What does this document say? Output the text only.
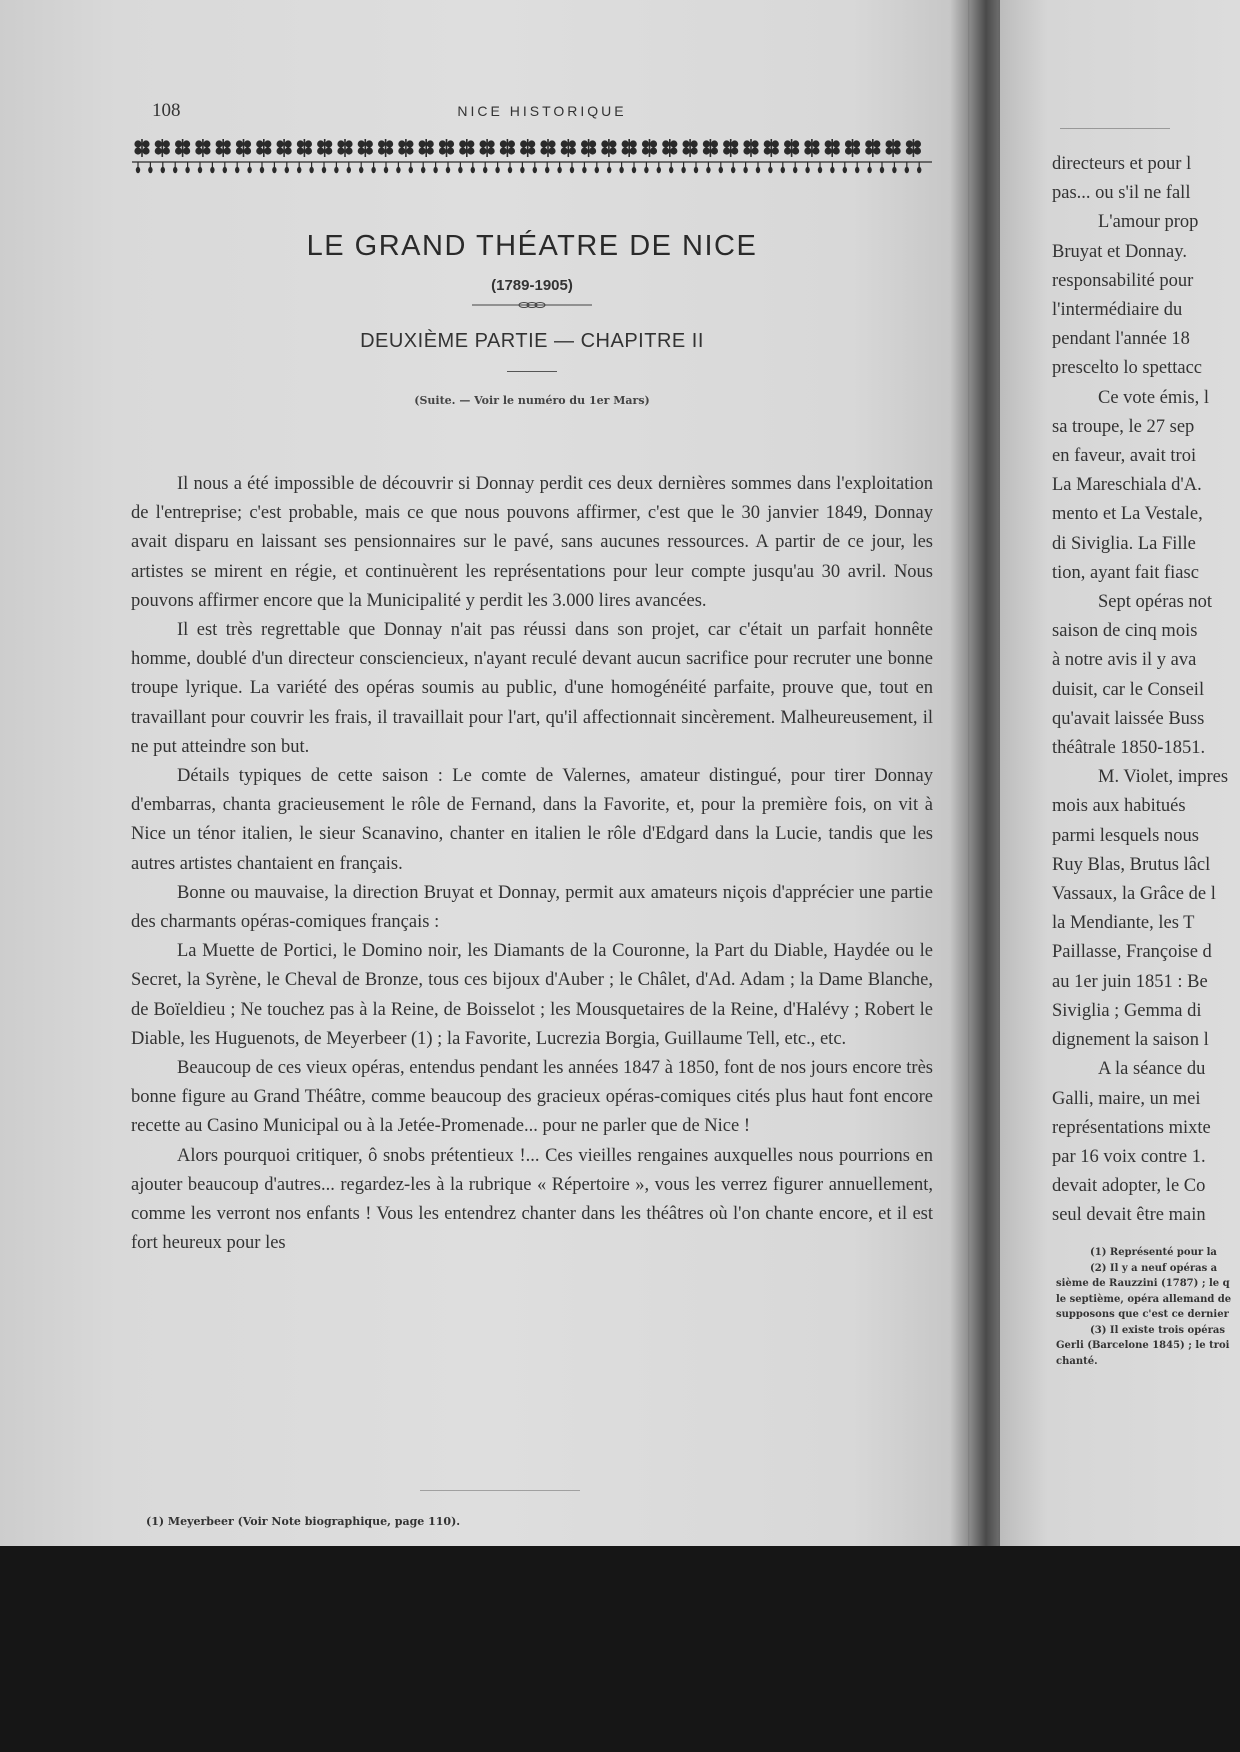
108	NICE HISTORIQUE
LE GRAND THÉATRE DE NICE
(1789-1905)
DEUXIÈME PARTIE — CHAPITRE II
(Suite. — Voir le numéro du 1er Mars)

Il nous a été impossible de découvrir si Donnay perdit ces deux dernières sommes dans l'exploitation de l'entreprise; c'est probable, mais ce que nous pouvons affirmer, c'est que le 30 janvier 1849, Donnay avait disparu en laissant ses pensionnaires sur le pavé, sans aucunes ressources. A partir de ce jour, les artistes se mirent en régie, et continuèrent les représentations pour leur compte jusqu'au 30 avril. Nous pouvons affirmer encore que la Municipalité y perdit les 3.000 lires avancées.

Il est très regrettable que Donnay n'ait pas réussi dans son projet, car c'était un parfait honnête homme, doublé d'un directeur consciencieux, n'ayant reculé devant aucun sacrifice pour recruter une bonne troupe lyrique. La variété des opéras soumis au public, d'une homogénéité parfaite, prouve que, tout en travaillant pour couvrir les frais, il travaillait pour l'art, qu'il affectionnait sincèrement. Malheureusement, il ne put atteindre son but.

Détails typiques de cette saison : Le comte de Valernes, amateur distingué, pour tirer Donnay d'embarras, chanta gracieusement le rôle de Fernand, dans la Favorite, et, pour la première fois, on vit à Nice un ténor italien, le sieur Scanavino, chanter en italien le rôle d'Edgard dans la Lucie, tandis que les autres artistes chantaient en français.

Bonne ou mauvaise, la direction Bruyat et Donnay, permit aux amateurs niçois d'apprécier une partie des charmants opéras-comiques français :

La Muette de Portici, le Domino noir, les Diamants de la Couronne, la Part du Diable, Haydée ou le Secret, la Syrène, le Cheval de Bronze, tous ces bijoux d'Auber ; le Châlet, d'Ad. Adam ; la Dame Blanche, de Boïeldieu ; Ne touchez pas à la Reine, de Boisselot ; les Mousquetaires de la Reine, d'Halévy ; Robert le Diable, les Huguenots, de Meyerbeer (1) ; la Favorite, Lucrezia Borgia, Guillaume Tell, etc., etc.

Beaucoup de ces vieux opéras, entendus pendant les années 1847 à 1850, font de nos jours encore très bonne figure au Grand Théâtre, comme beaucoup des gracieux opéras-comiques cités plus haut font encore recette au Casino Municipal ou à la Jetée-Promenade... pour ne parler que de Nice !

Alors pourquoi critiquer, ô snobs prétentieux !... Ces vieilles rengaines auxquelles nous pourrions en ajouter beaucoup d'autres... regardez-les à la rubrique « Répertoire », vous les verrez figurer annuellement, comme les verront nos enfants ! Vous les entendrez chanter dans les théâtres où l'on chante encore, et il est fort heureux pour les

(1) Meyerbeer (Voir Note biographique, page 110).
directeurs et pour l
pas... ou s'il ne fall
L'amour prop
Bruyat et Donnay.
responsabilité pour
l'intermédiaire du
pendant l'année 18
prescelto lo spettacc
Ce vote émis, l
sa troupe, le 27 sep
en faveur, avait troi
La Mareschiala d'A.
mento et La Vestale,
di Siviglia. La Fille
tion, ayant fait fiasc
Sept opéras not
saison de cinq mois
à notre avis il y ava
duisit, car le Conseil
qu'avait laissée Buss
théâtrale 1850-1851.
M. Violet, impres
mois aux habitués
parmi lesquels nous
Ruy Blas, Brutus lâcl
Vassaux, la Grâce de l
la Mendiante, les T
Paillasse, Françoise d
au 1er juin 1851 : Be
Siviglia ; Gemma di
dignement la saison l
A la séance du
Galli, maire, un mei
représentations mixte
par 16 voix contre 1.
devait adopter, le Co
seul devait être main
(1) Représenté pour la
(2) Il y a neuf opéras a
sième de Rauzzini (1787) ; le q
le septième, opéra allemand de
supposons que c'est ce dernier
(3) Il existe trois opéras
Gerli (Barcelone 1845) ; le troi
chanté.
